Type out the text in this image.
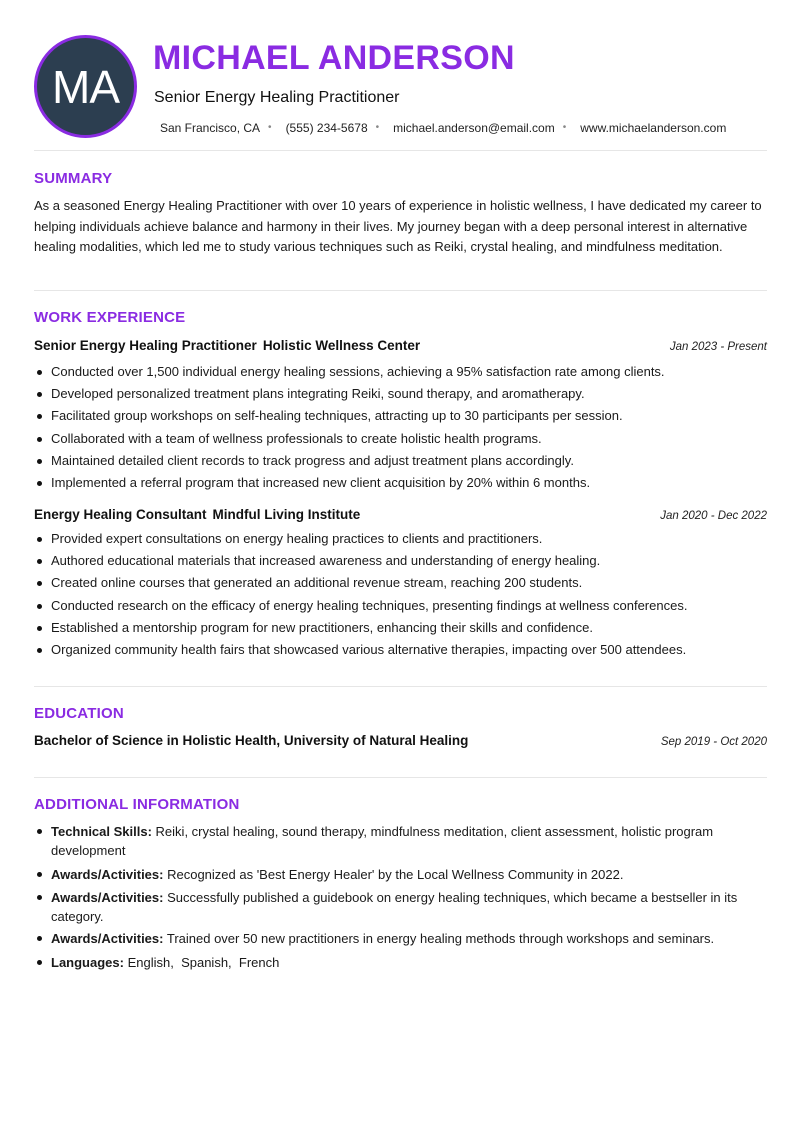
MA
MICHAEL ANDERSON
Senior Energy Healing Practitioner
San Francisco, CA • (555) 234-5678 • michael.anderson@email.com • www.michaelanderson.com
SUMMARY
As a seasoned Energy Healing Practitioner with over 10 years of experience in holistic wellness, I have dedicated my career to helping individuals achieve balance and harmony in their lives. My journey began with a deep personal interest in alternative healing modalities, which led me to study various techniques such as Reiki, crystal healing, and mindfulness meditation.
WORK EXPERIENCE
Senior Energy Healing Practitioner Holistic Wellness Center	Jan 2023 - Present
Conducted over 1,500 individual energy healing sessions, achieving a 95% satisfaction rate among clients.
Developed personalized treatment plans integrating Reiki, sound therapy, and aromatherapy.
Facilitated group workshops on self-healing techniques, attracting up to 30 participants per session.
Collaborated with a team of wellness professionals to create holistic health programs.
Maintained detailed client records to track progress and adjust treatment plans accordingly.
Implemented a referral program that increased new client acquisition by 20% within 6 months.
Energy Healing Consultant Mindful Living Institute	Jan 2020 - Dec 2022
Provided expert consultations on energy healing practices to clients and practitioners.
Authored educational materials that increased awareness and understanding of energy healing.
Created online courses that generated an additional revenue stream, reaching 200 students.
Conducted research on the efficacy of energy healing techniques, presenting findings at wellness conferences.
Established a mentorship program for new practitioners, enhancing their skills and confidence.
Organized community health fairs that showcased various alternative therapies, impacting over 500 attendees.
EDUCATION
Bachelor of Science in Holistic Health, University of Natural Healing	Sep 2019 - Oct 2020
ADDITIONAL INFORMATION
Technical Skills: Reiki, crystal healing, sound therapy, mindfulness meditation, client assessment, holistic program development
Awards/Activities: Recognized as 'Best Energy Healer' by the Local Wellness Community in 2022.
Awards/Activities: Successfully published a guidebook on energy healing techniques, which became a bestseller in its category.
Awards/Activities: Trained over 50 new practitioners in energy healing methods through workshops and seminars.
Languages: English,  Spanish,  French
